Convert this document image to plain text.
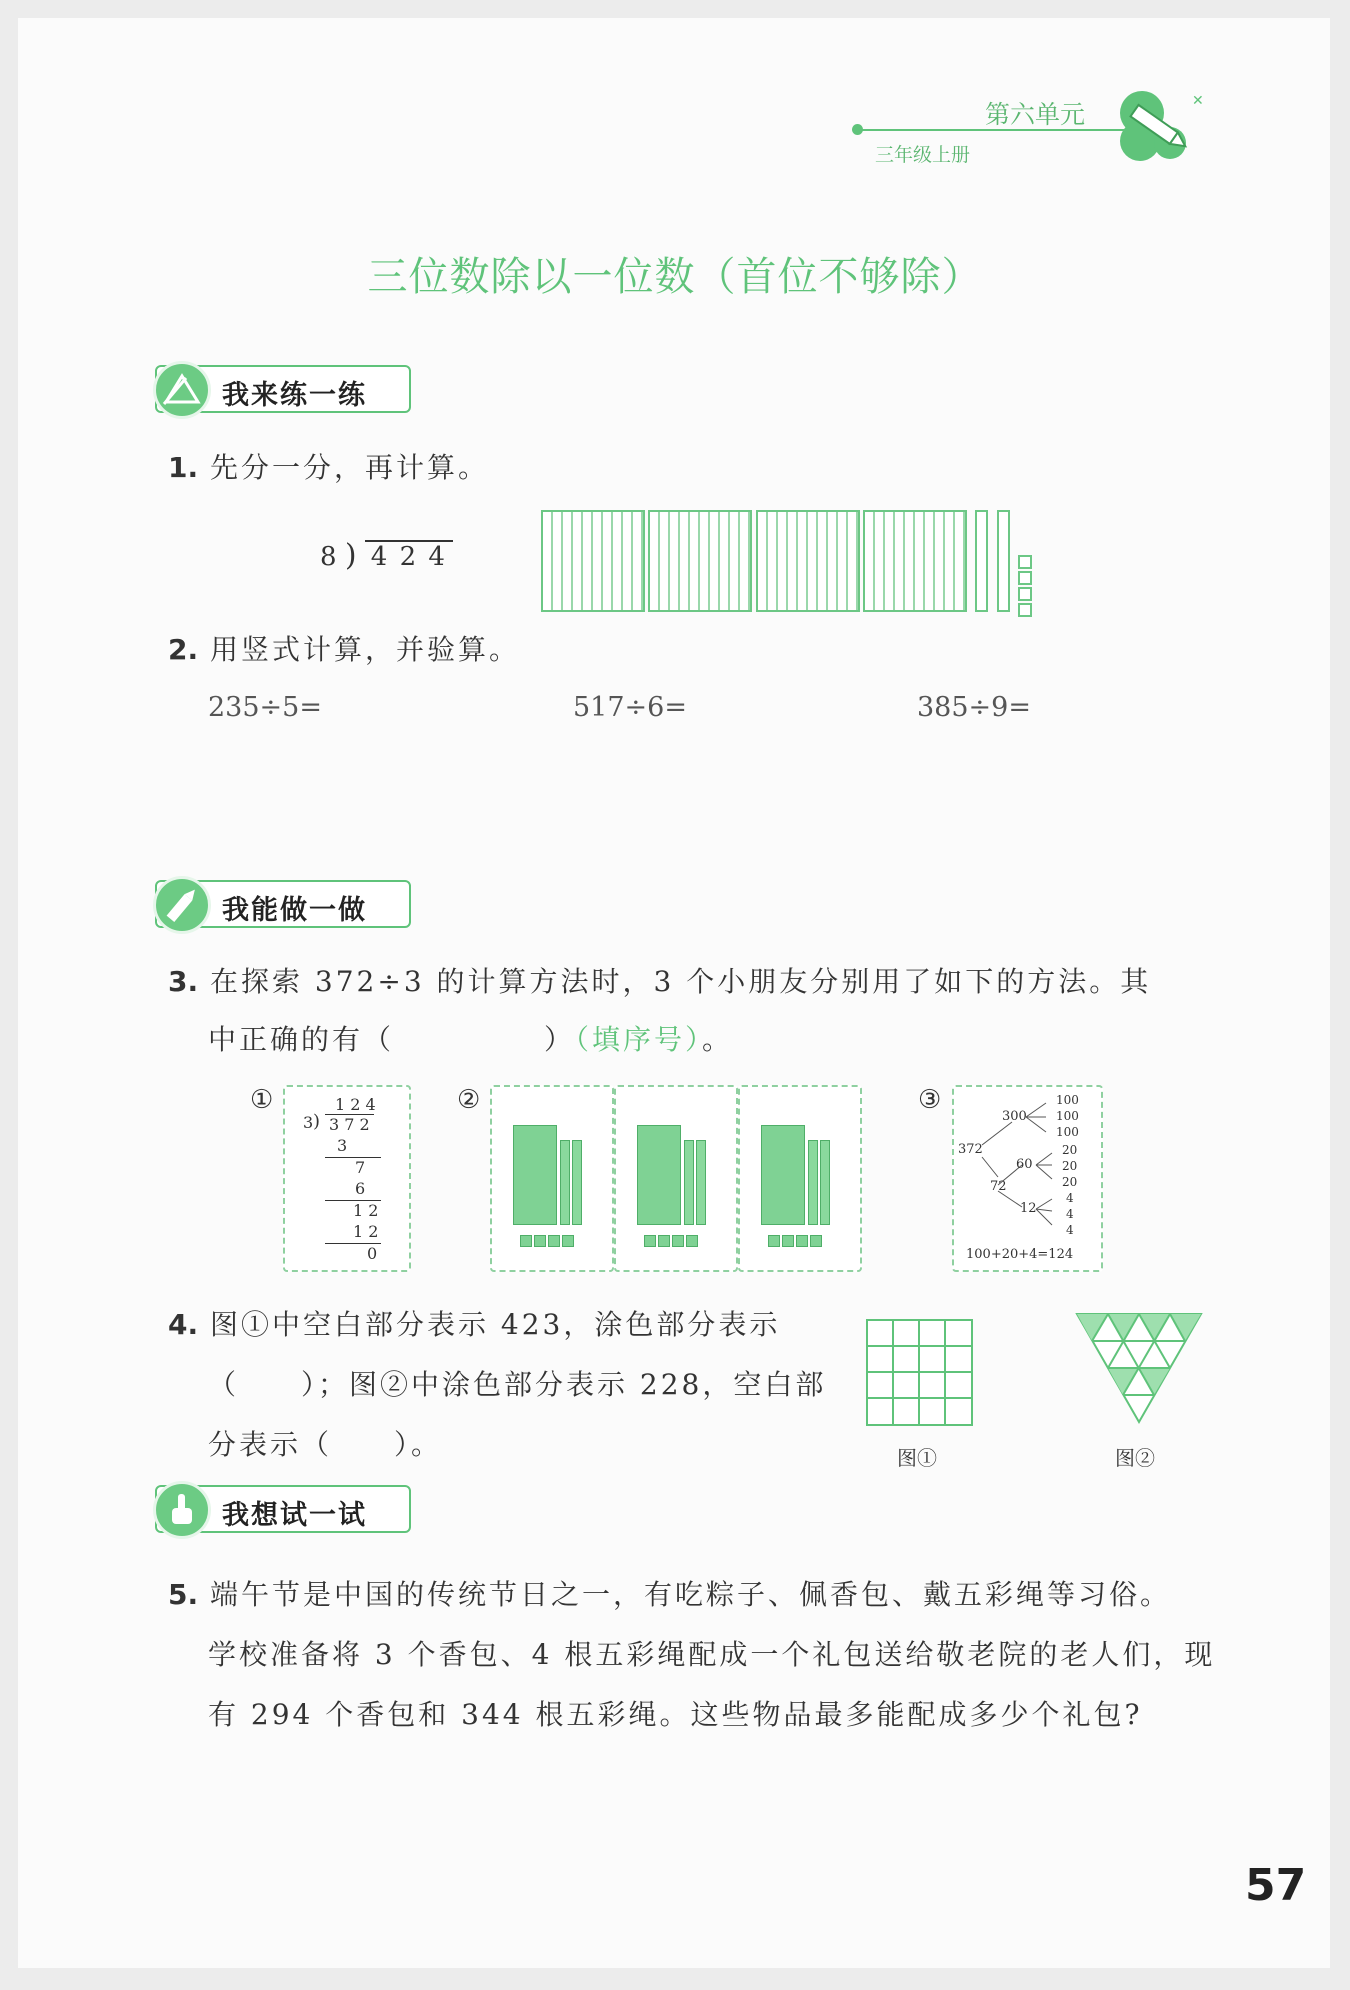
第六单元
三年级上册
✕
三位数除以一位数（首位不够除）
我来练一练
1. 先分一分，再计算。
8 ) 4 2 4
2. 用竖式计算，并验算。
235÷5=	517÷6=	385÷9=
我能做一做
3. 在探索 372÷3 的计算方法时，3 个小朋友分别用了如下的方法。其
中正确的有（	）（填序号）。
①	1 2 4
3 ) 3 7 2
3
7
6
1 2
1 2
0
②	③
372
300
60
72
12
100
100
100
20
20
20
4
4
4
100+20+4=124
4. 图①中空白部分表示 423，涂色部分表示
（　　）；图②中涂色部分表示 228，空白部
分表示（　　）。	图①	图②
我想试一试
5. 端午节是中国的传统节日之一，有吃粽子、佩香包、戴五彩绳等习俗。
学校准备将 3 个香包、4 根五彩绳配成一个礼包送给敬老院的老人们，现
有 294 个香包和 344 根五彩绳。这些物品最多能配成多少个礼包?
57
